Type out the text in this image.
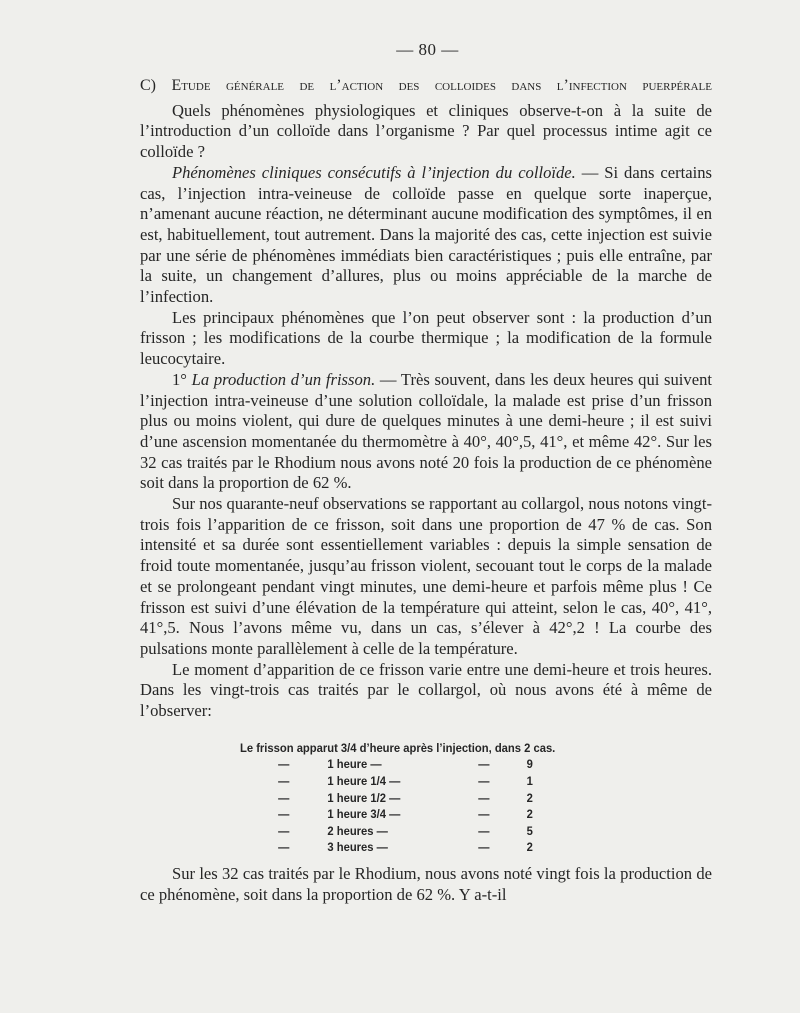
— 80 —
C) Etude générale de l’action des colloides dans l’infection puerpérale

Quels phénomènes physiologiques et cliniques observe-t-on à la suite de l’introduction d’un colloïde dans l’organisme ? Par quel processus intime agit ce colloïde ?

Phénomènes cliniques consécutifs à l’injection du colloïde. — Si dans certains cas, l’injection intra-veineuse de colloïde passe en quelque sorte inaperçue, n’amenant aucune réaction, ne déterminant aucune modification des symptômes, il en est, habituellement, tout autrement. Dans la majorité des cas, cette injection est suivie par une série de phénomènes immédiats bien caractéristiques ; puis elle entraîne, par la suite, un changement d’allures, plus ou moins appréciable de la marche de l’infection.

Les principaux phénomènes que l’on peut observer sont : la production d’un frisson ; les modifications de la courbe thermique ; la modification de la formule leucocytaire.

1° La production d’un frisson. — Très souvent, dans les deux heures qui suivent l’injection intra-veineuse d’une solution colloïdale, la malade est prise d’un frisson plus ou moins violent, qui dure de quelques minutes à une demi-heure ; il est suivi d’une ascension momentanée du thermomètre à 40°, 40°,5, 41°, et même 42°. Sur les 32 cas traités par le Rhodium nous avons noté 20 fois la production de ce phénomène soit dans la proportion de 62 %.

Sur nos quarante-neuf observations se rapportant au collargol, nous notons vingt-trois fois l’apparition de ce frisson, soit dans une proportion de 47 % de cas. Son intensité et sa durée sont essentiellement variables : depuis la simple sensation de froid toute momentanée, jusqu’au frisson violent, secouant tout le corps de la malade et se prolongeant pendant vingt minutes, une demi-heure et parfois même plus ! Ce frisson est suivi d’une élévation de la température qui atteint, selon le cas, 40°, 41°, 41°,5. Nous l’avons même vu, dans un cas, s’élever à 42°,2 ! La courbe des pulsations monte parallèlement à celle de la température.

Le moment d’apparition de ce frisson varie entre une demi-heure et trois heures. Dans les vingt-trois cas traités par le collargol, où nous avons été à même de l’observer:

Le frisson apparut 3/4 d’heure après l’injection, dans 2 cas.
—	1 heure —	—	9
—	1 heure 1/4 —	—	1
—	1 heure 1/2 —	—	2
—	1 heure 3/4 —	—	2
—	2 heures —	—	5
—	3 heures —	—	2

Sur les 32 cas traités par le Rhodium, nous avons noté vingt fois la production de ce phénomène, soit dans la proportion de 62 %. Y a-t-il
